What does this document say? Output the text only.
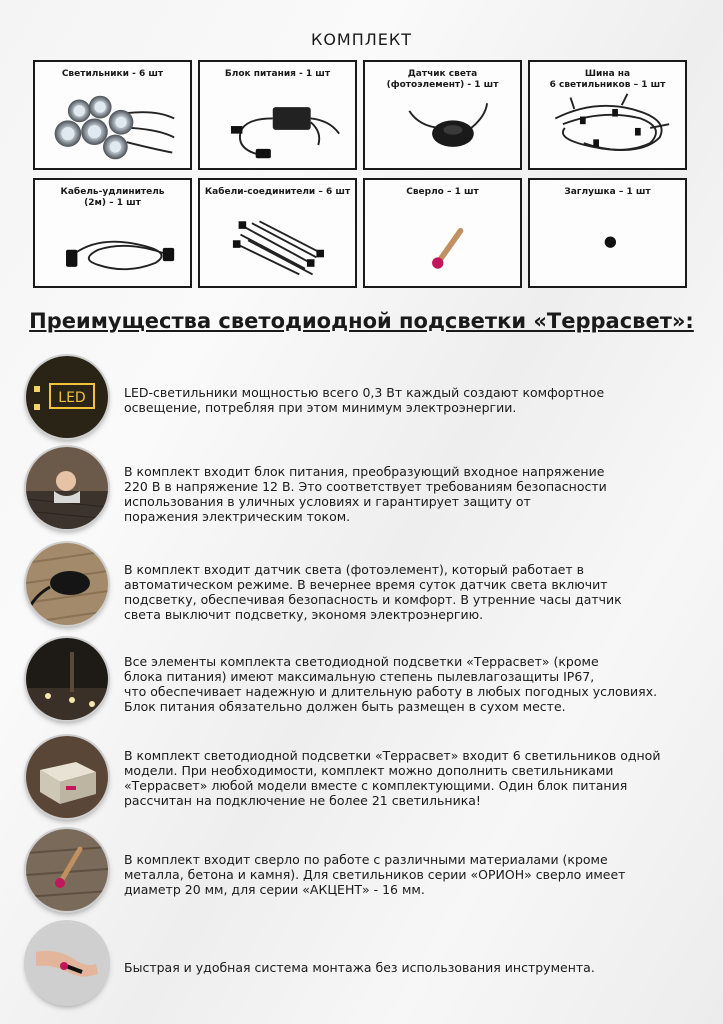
КОМПЛЕКТ
Светильники - 6 шт	Блок питания - 1 шт	Датчик света
(фотоэлемент) - 1 шт
Шина на
6 светильников – 1 шт
Кабель-удлинитель
(2м) – 1 шт
Кабели-соединители – 6 шт	Сверло – 1 шт	Заглушка – 1 шт
Преимущества светодиодной подсветки «Террасвет»:
LED	LED-светильники мощностью всего 0,3 Вт каждый создают комфортное
освещение, потребляя при этом минимум электроэнергии.
В комплект входит блок питания, преобразующий входное напряжение
220 В в напряжение 12 В. Это соответствует требованиям безопасности
использования в уличных условиях и гарантирует защиту от
поражения электрическим током.
В комплект входит датчик света (фотоэлемент), который работает в
автоматическом режиме. В вечернее время суток датчик света включит
подсветку, обеспечивая безопасность и комфорт. В утренние часы датчик
света выключит подсветку, экономя электроэнергию.
Все элементы комплекта светодиодной подсветки «Террасвет» (кроме
блока питания) имеют максимальную степень пылевлагозащиты IP67,
что обеспечивает надежную и длительную работу в любых погодных условиях.
Блок питания обязательно должен быть размещен в сухом месте.
В комплект светодиодной подсветки «Террасвет» входит 6 светильников одной
модели. При необходимости, комплект можно дополнить светильниками
«Террасвет» любой модели вместе с комплектующими. Один блок питания
рассчитан на подключение не более 21 светильника!
В комплект входит сверло по работе с различными материалами (кроме
металла, бетона и камня). Для светильников серии «ОРИОН» сверло имеет
диаметр 20 мм, для серии «АКЦЕНТ» - 16 мм.
Быстрая и удобная система монтажа без использования инструмента.
